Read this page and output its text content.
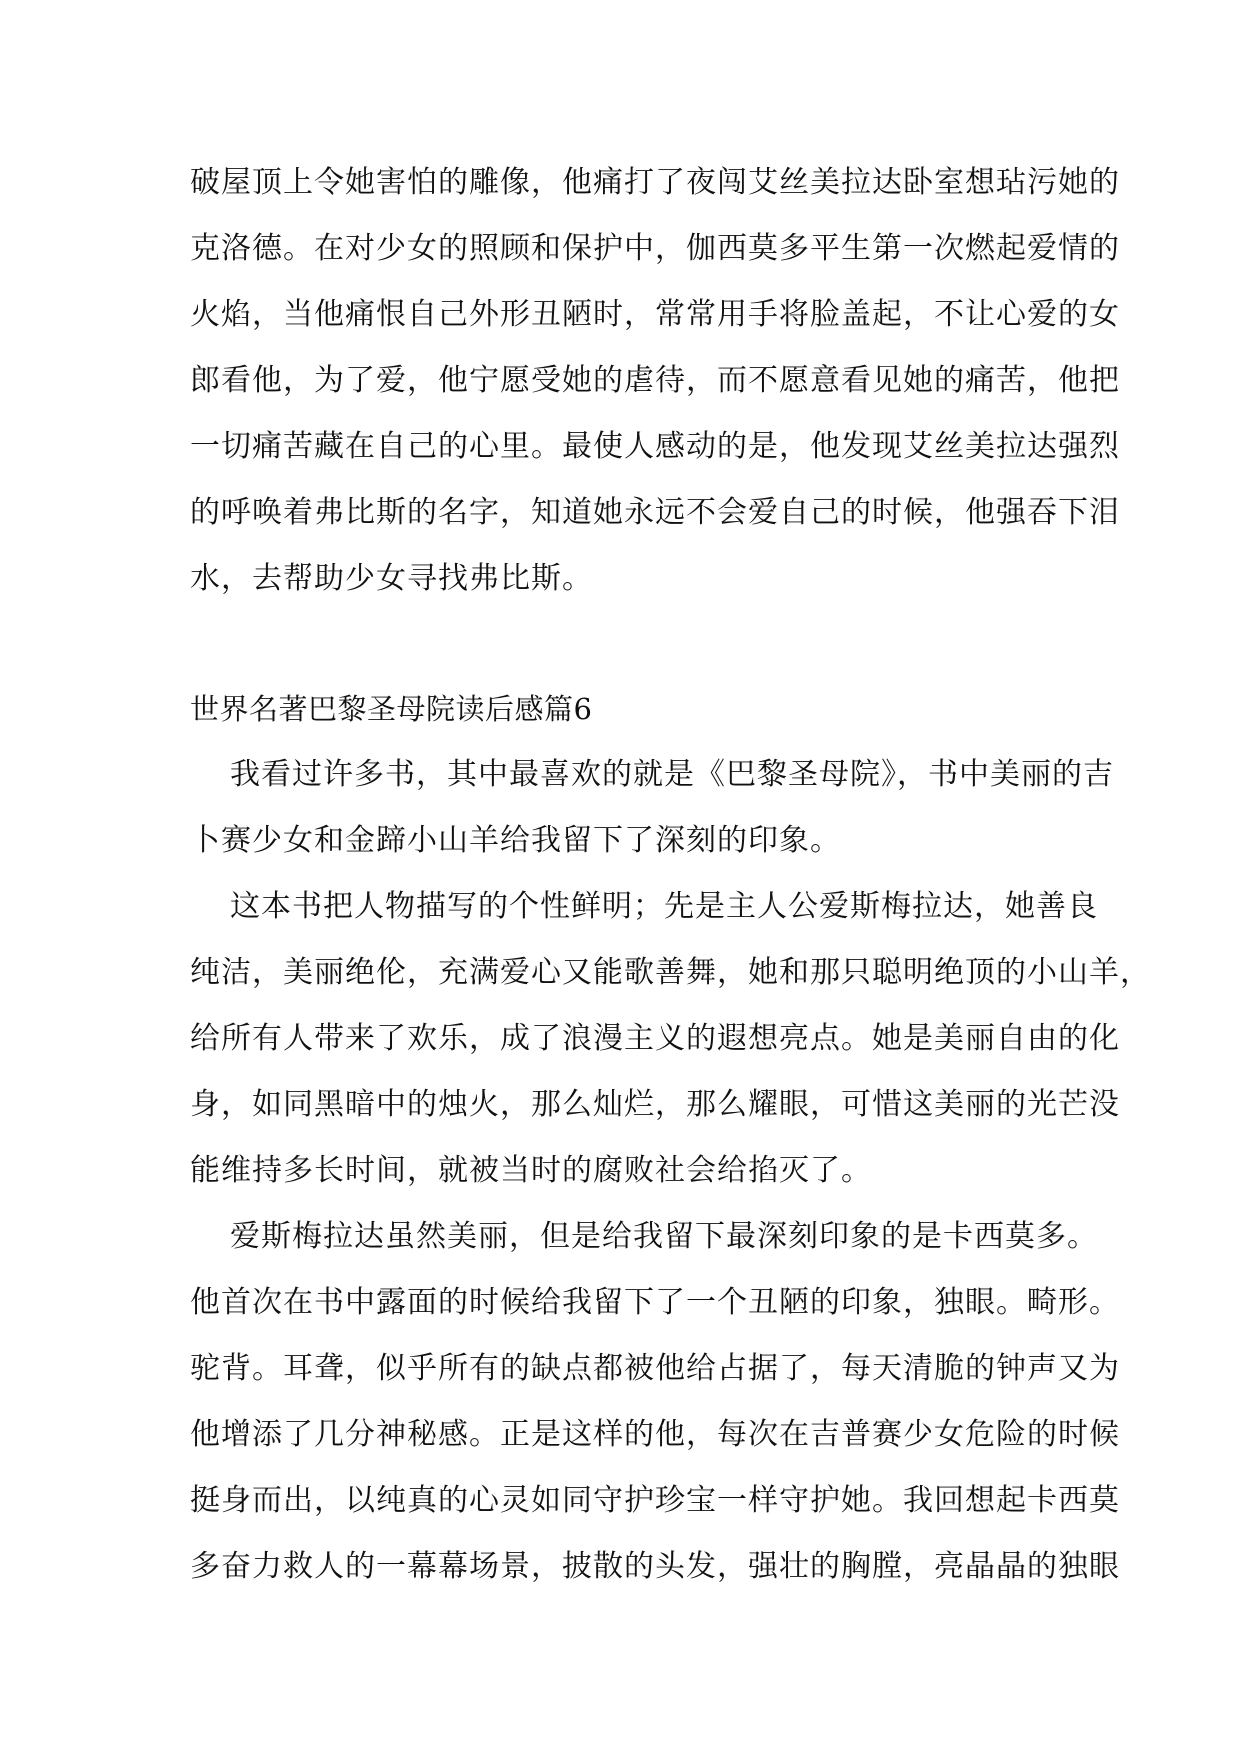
破屋顶上令她害怕的雕像，他痛打了夜闯艾丝美拉达卧室想玷污她的
克洛德。在对少女的照顾和保护中，伽西莫多平生第一次燃起爱情的
火焰，当他痛恨自己外形丑陋时，常常用手将脸盖起，不让心爱的女
郎看他，为了爱，他宁愿受她的虐待，而不愿意看见她的痛苦，他把
一切痛苦藏在自己的心里。最使人感动的是，他发现艾丝美拉达强烈
的呼唤着弗比斯的名字，知道她永远不会爱自己的时候，他强吞下泪
水，去帮助少女寻找弗比斯。
世界名著巴黎圣母院读后感篇6
我看过许多书，其中最喜欢的就是《巴黎圣母院》，书中美丽的吉
卜赛少女和金蹄小山羊给我留下了深刻的印象。
这本书把人物描写的个性鲜明；先是主人公爱斯梅拉达，她善良
纯洁，美丽绝伦，充满爱心又能歌善舞，她和那只聪明绝顶的小山羊，
给所有人带来了欢乐，成了浪漫主义的遐想亮点。她是美丽自由的化
身，如同黑暗中的烛火，那么灿烂，那么耀眼，可惜这美丽的光芒没
能维持多长时间，就被当时的腐败社会给掐灭了。
爱斯梅拉达虽然美丽，但是给我留下最深刻印象的是卡西莫多。
他首次在书中露面的时候给我留下了一个丑陋的印象，独眼。畸形。
驼背。耳聋，似乎所有的缺点都被他给占据了，每天清脆的钟声又为
他增添了几分神秘感。正是这样的他，每次在吉普赛少女危险的时候
挺身而出，以纯真的心灵如同守护珍宝一样守护她。我回想起卡西莫
多奋力救人的一幕幕场景，披散的头发，强壮的胸膛，亮晶晶的独眼
